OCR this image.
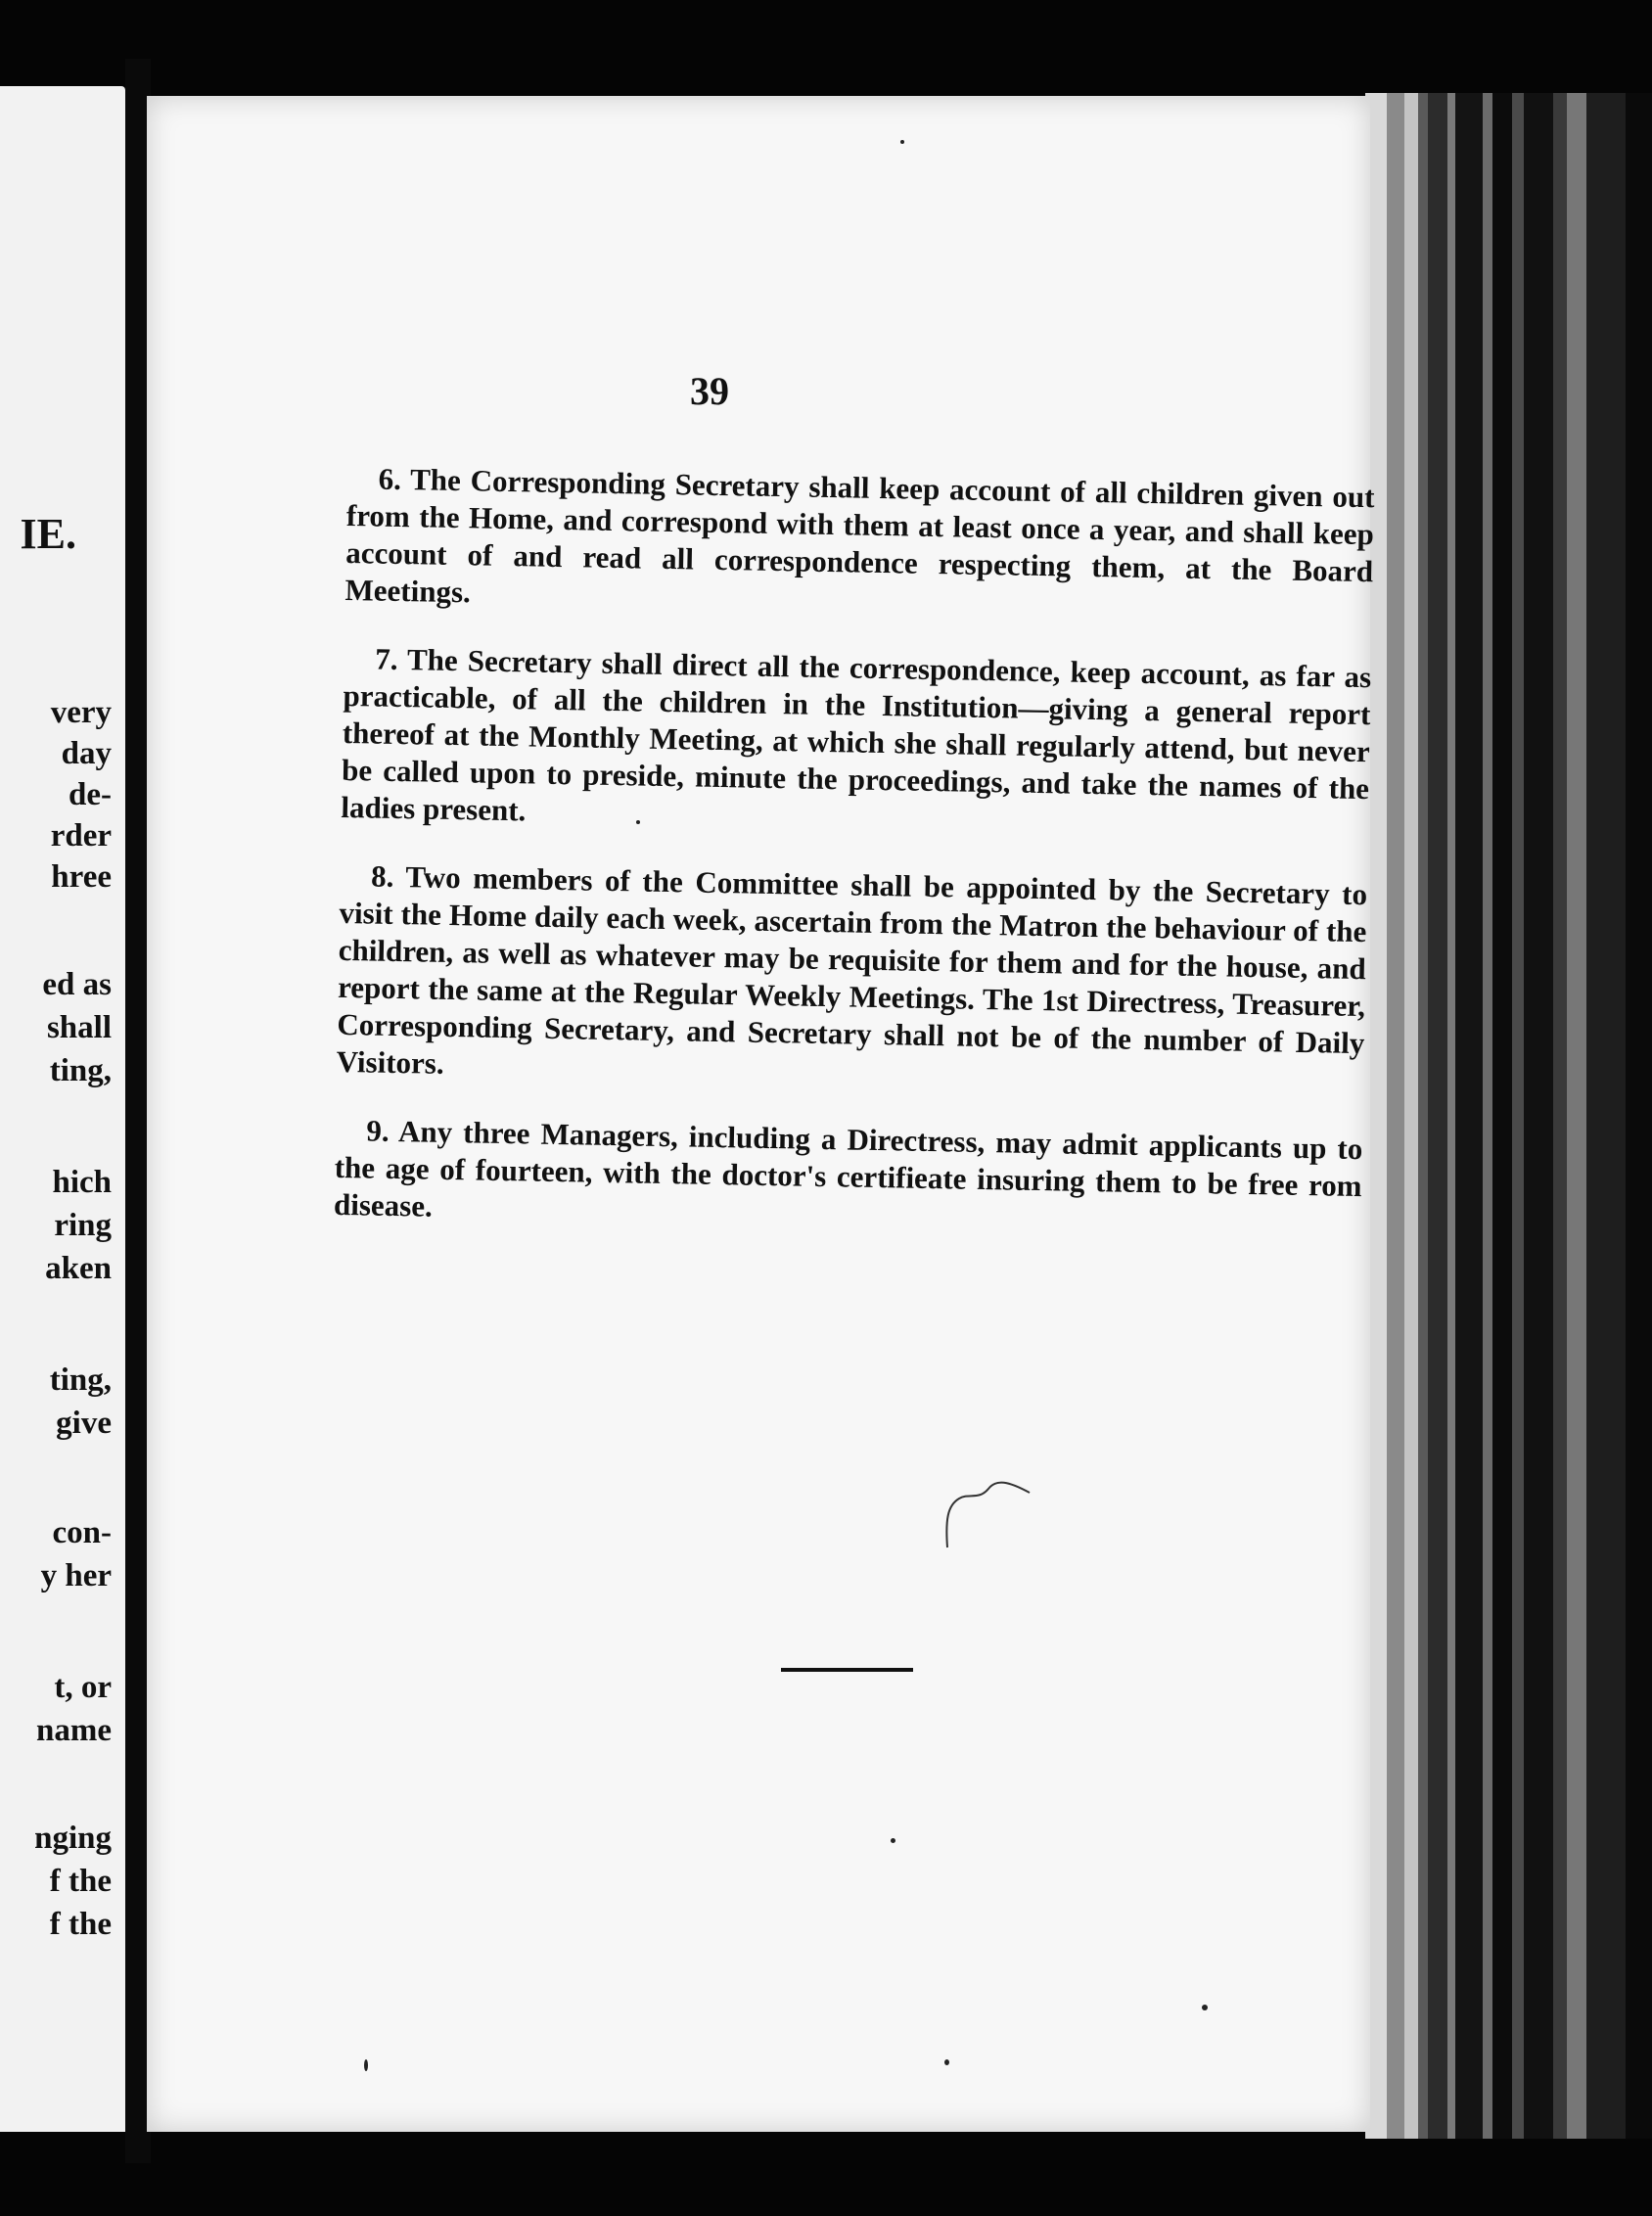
IE.
very
day
de-
rder
hree
ed as
shall
ting,
hich
ring
aken
ting,
give
con-
y her
t, or
name
nging
f the
f the
39

6. The Corresponding Secretary shall keep account of all children given out from the Home, and correspond with them at least once a year, and shall keep account of and read all correspondence respecting them, at the Board Meetings.

7. The Secretary shall direct all the correspondence, keep account, as far as practicable, of all the children in the Institution—giving a general report thereof at the Monthly Meeting, at which she shall regularly attend, but never be called upon to preside, minute the proceedings, and take the names of the ladies present.

8. Two members of the Committee shall be appointed by the Secretary to visit the Home daily each week, ascertain from the Matron the behaviour of the children, as well as whatever may be requisite for them and for the house, and report the same at the Regular Weekly Meetings. The 1st Directress, Treasurer, Corresponding Secretary, and Secretary shall not be of the number of Daily Visitors.

9. Any three Managers, including a Directress, may admit applicants up to the age of fourteen, with the doctor's certifieate insuring them to be free rom disease.
